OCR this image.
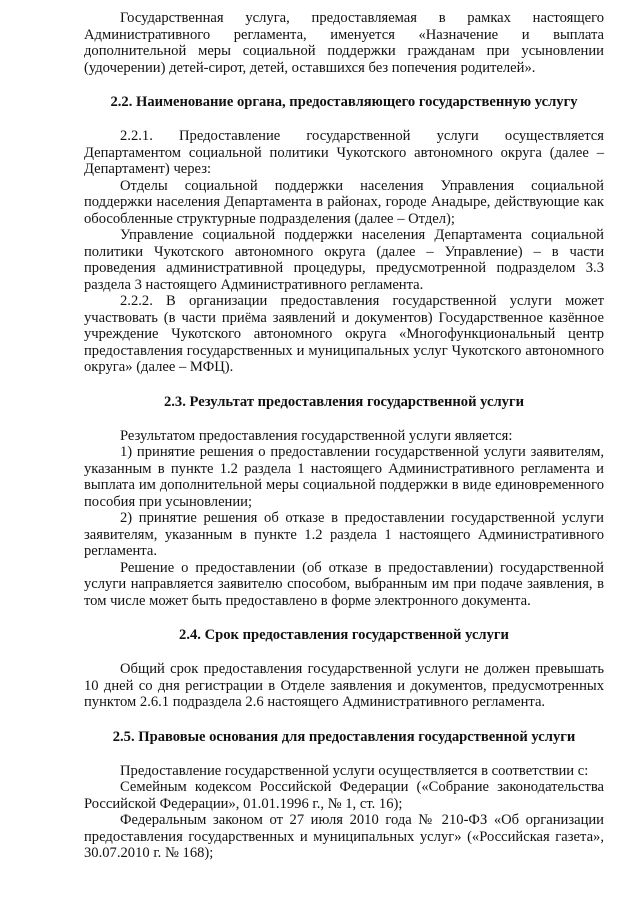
Государственная услуга, предоставляемая в рамках настоящего Административного регламента, именуется «Назначение и выплата дополнительной меры социальной поддержки гражданам при усыновлении (удочерении) детей-сирот, детей, оставшихся без попечения родителей».

2.2. Наименование органа, предоставляющего государственную услугу

2.2.1. Предоставление государственной услуги осуществляется Департаментом социальной политики Чукотского автономного округа (далее – Департамент) через:

Отделы социальной поддержки населения Управления социальной поддержки населения Департамента в районах, городе Анадыре, действующие как обособленные структурные подразделения (далее – Отдел);

Управление социальной поддержки населения Департамента социальной политики Чукотского автономного округа (далее – Управление) – в части проведения административной процедуры, предусмотренной подразделом 3.3 раздела 3 настоящего Административного регламента.

2.2.2. В организации предоставления государственной услуги может участвовать (в части приёма заявлений и документов) Государственное казённое учреждение Чукотского автономного округа «Многофункциональный центр предоставления государственных и муниципальных услуг Чукотского автономного округа» (далее – МФЦ).

2.3. Результат предоставления государственной услуги

Результатом предоставления государственной услуги является:

1) принятие решения о предоставлении государственной услуги заявителям, указанным в пункте 1.2 раздела 1 настоящего Административного регламента и выплата им дополнительной меры социальной поддержки в виде единовременного пособия при усыновлении;

2) принятие решения об отказе в предоставлении государственной услуги заявителям, указанным в пункте 1.2 раздела 1 настоящего Административного регламента.

Решение о предоставлении (об отказе в предоставлении) государственной услуги направляется заявителю способом, выбранным им при подаче заявления, в том числе может быть предоставлено в форме электронного документа.

2.4. Срок предоставления государственной услуги

Общий срок предоставления государственной услуги не должен превышать 10 дней со дня регистрации в Отделе заявления и документов, предусмотренных пунктом 2.6.1 подраздела 2.6 настоящего Административного регламента.

2.5. Правовые основания для предоставления государственной услуги

Предоставление государственной услуги осуществляется в соответствии с:

Семейным кодексом Российской Федерации («Собрание законодательства Российской Федерации», 01.01.1996 г., № 1, ст. 16);

Федеральным законом от 27 июля 2010 года № 210-ФЗ «Об организации предоставления государственных и муниципальных услуг» («Российская газета», 30.07.2010 г. № 168);
